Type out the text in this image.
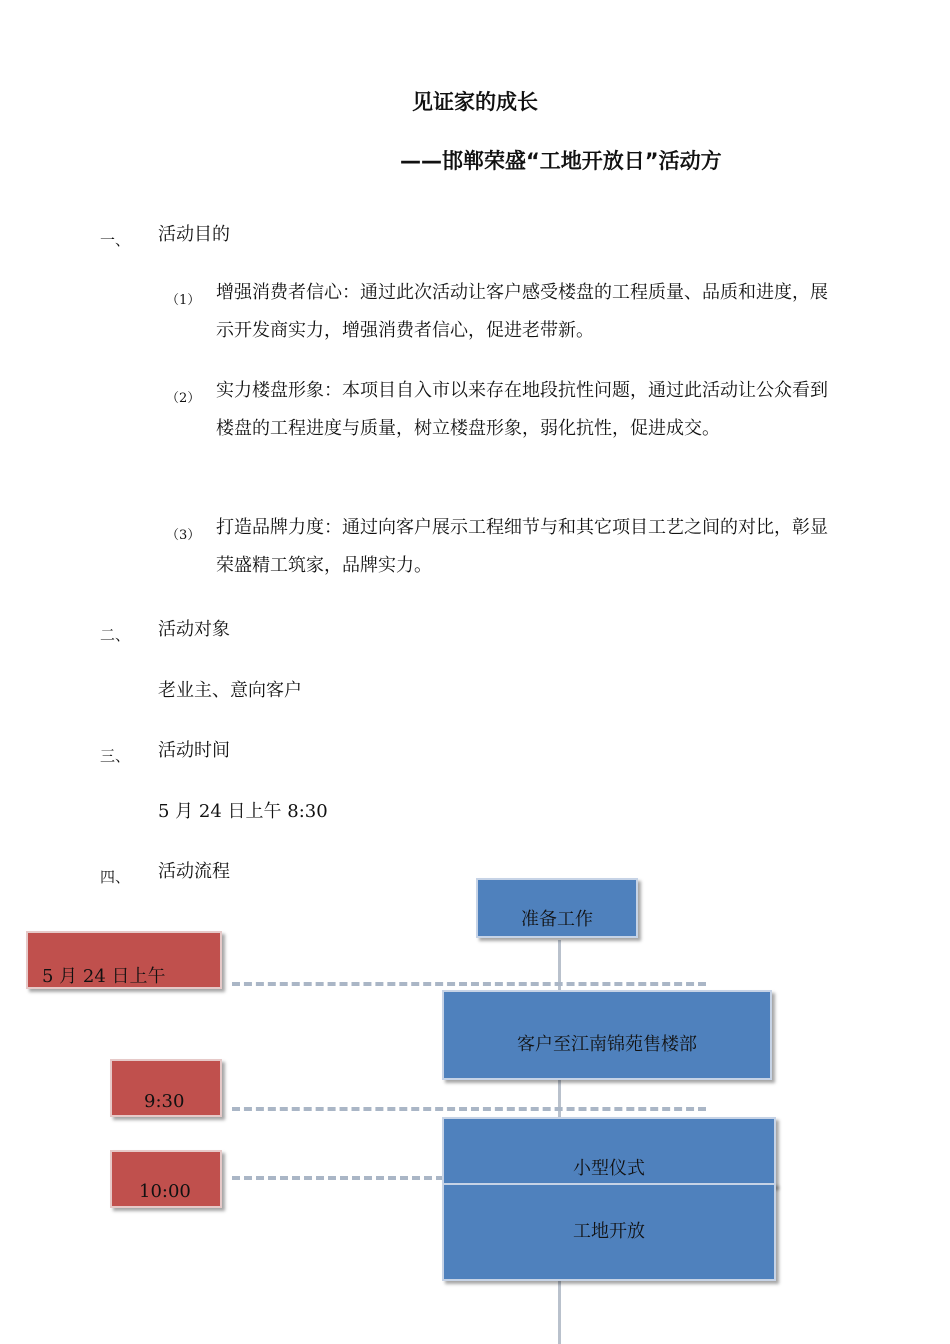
见证家的成长
——邯郸荣盛“工地开放日”活动方
一、 活动目的
（1） 增强消费者信心：通过此次活动让客户感受楼盘的工程质量、品质和进度，展示开发商实力，增强消费者信心，促进老带新。
（2） 实力楼盘形象：本项目自入市以来存在地段抗性问题，通过此活动让公众看到楼盘的工程进度与质量，树立楼盘形象，弱化抗性，促进成交。
（3） 打造品牌力度：通过向客户展示工程细节与和其它项目工艺之间的对比，彰显荣盛精工筑家，品牌实力。
二、 活动对象
老业主、意向客户
三、 活动时间
5 月 24 日上午 8:30
四、 活动流程
准备工作
客户至江南锦苑售楼部
小型仪式
工地开放
5 月 24 日上午
9:30
10:00
